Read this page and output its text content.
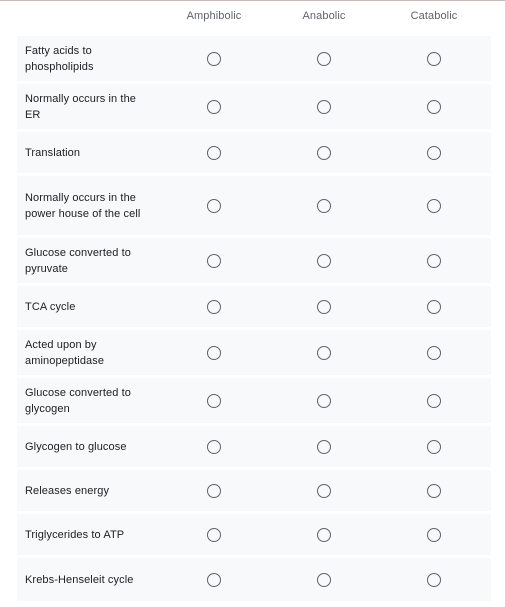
Amphibolic	Anabolic	Catabolic
Fatty acids to phospholipids
Normally occurs in the ER
Translation
Normally occurs in the power house of the cell
Glucose converted to pyruvate
TCA cycle
Acted upon by aminopeptidase
Glucose converted to glycogen
Glycogen to glucose
Releases energy
Triglycerides to ATP
Krebs-Henseleit cycle
